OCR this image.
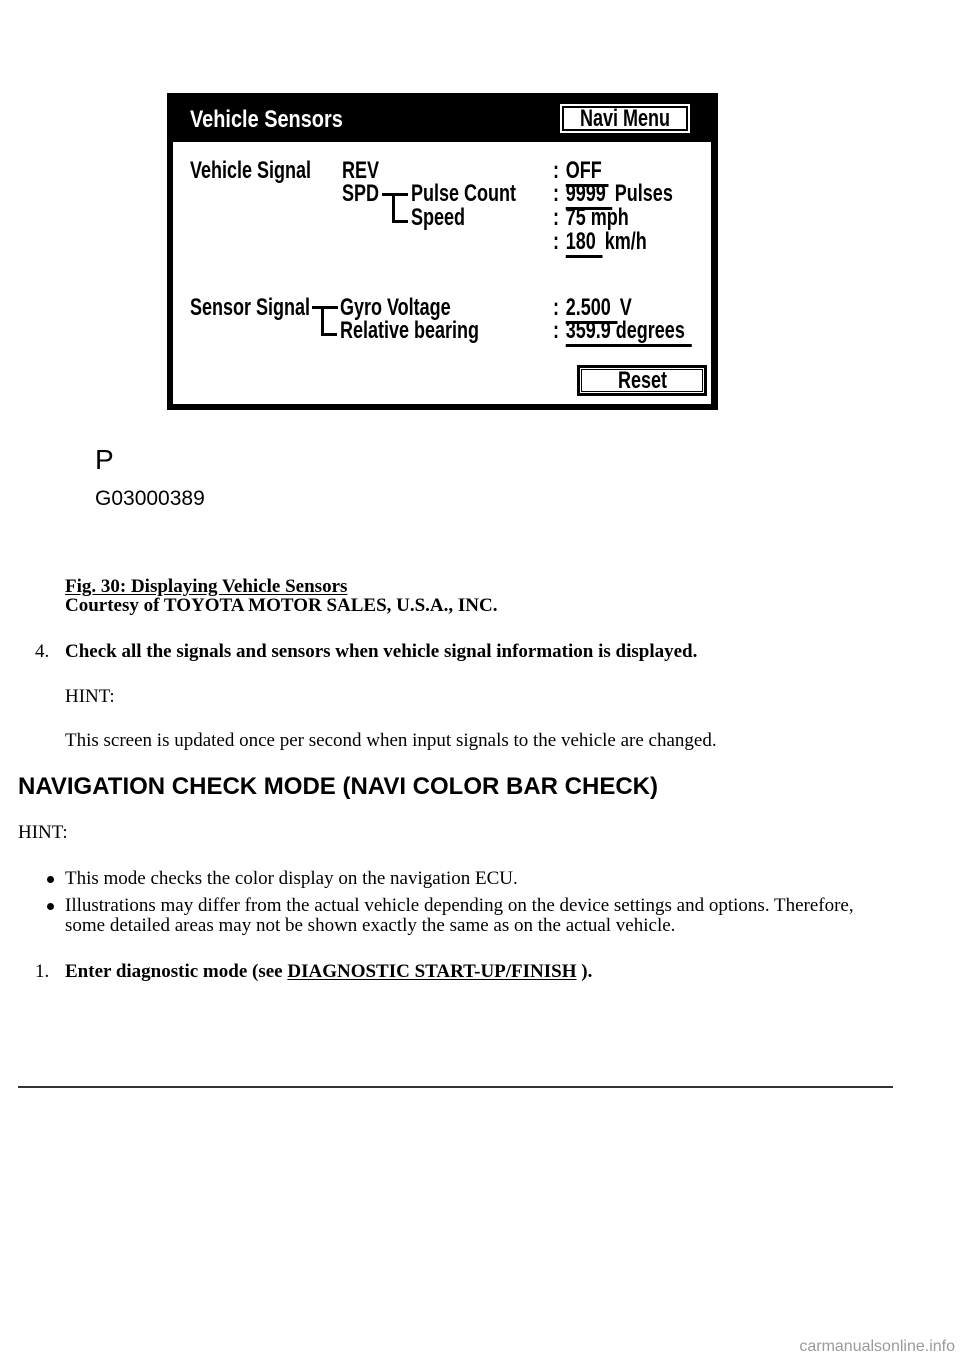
Vehicle Sensors	Navi Menu
Vehicle Signal REV	: OFF
SPD Pulse Count : 9999 Pulses
Speed	: 75 mph
: 180 km/h
Sensor Signal Gyro Voltage	: 2.500 V
Relative bearing	: 359.9 degrees
Reset
P
G03000389
Fig. 30: Displaying Vehicle Sensors
Courtesy of TOYOTA MOTOR SALES, U.S.A., INC.
4. Check all the signals and sensors when vehicle signal information is displayed.
HINT:
This screen is updated once per second when input signals to the vehicle are changed.
NAVIGATION CHECK MODE (NAVI COLOR BAR CHECK)
HINT:
This mode checks the color display on the navigation ECU.
Illustrations may differ from the actual vehicle depending on the device settings and options. Therefore, some detailed areas may not be shown exactly the same as on the actual vehicle.
1. Enter diagnostic mode (see DIAGNOSTIC START-UP/FINISH ).
carmanualsonline.info
